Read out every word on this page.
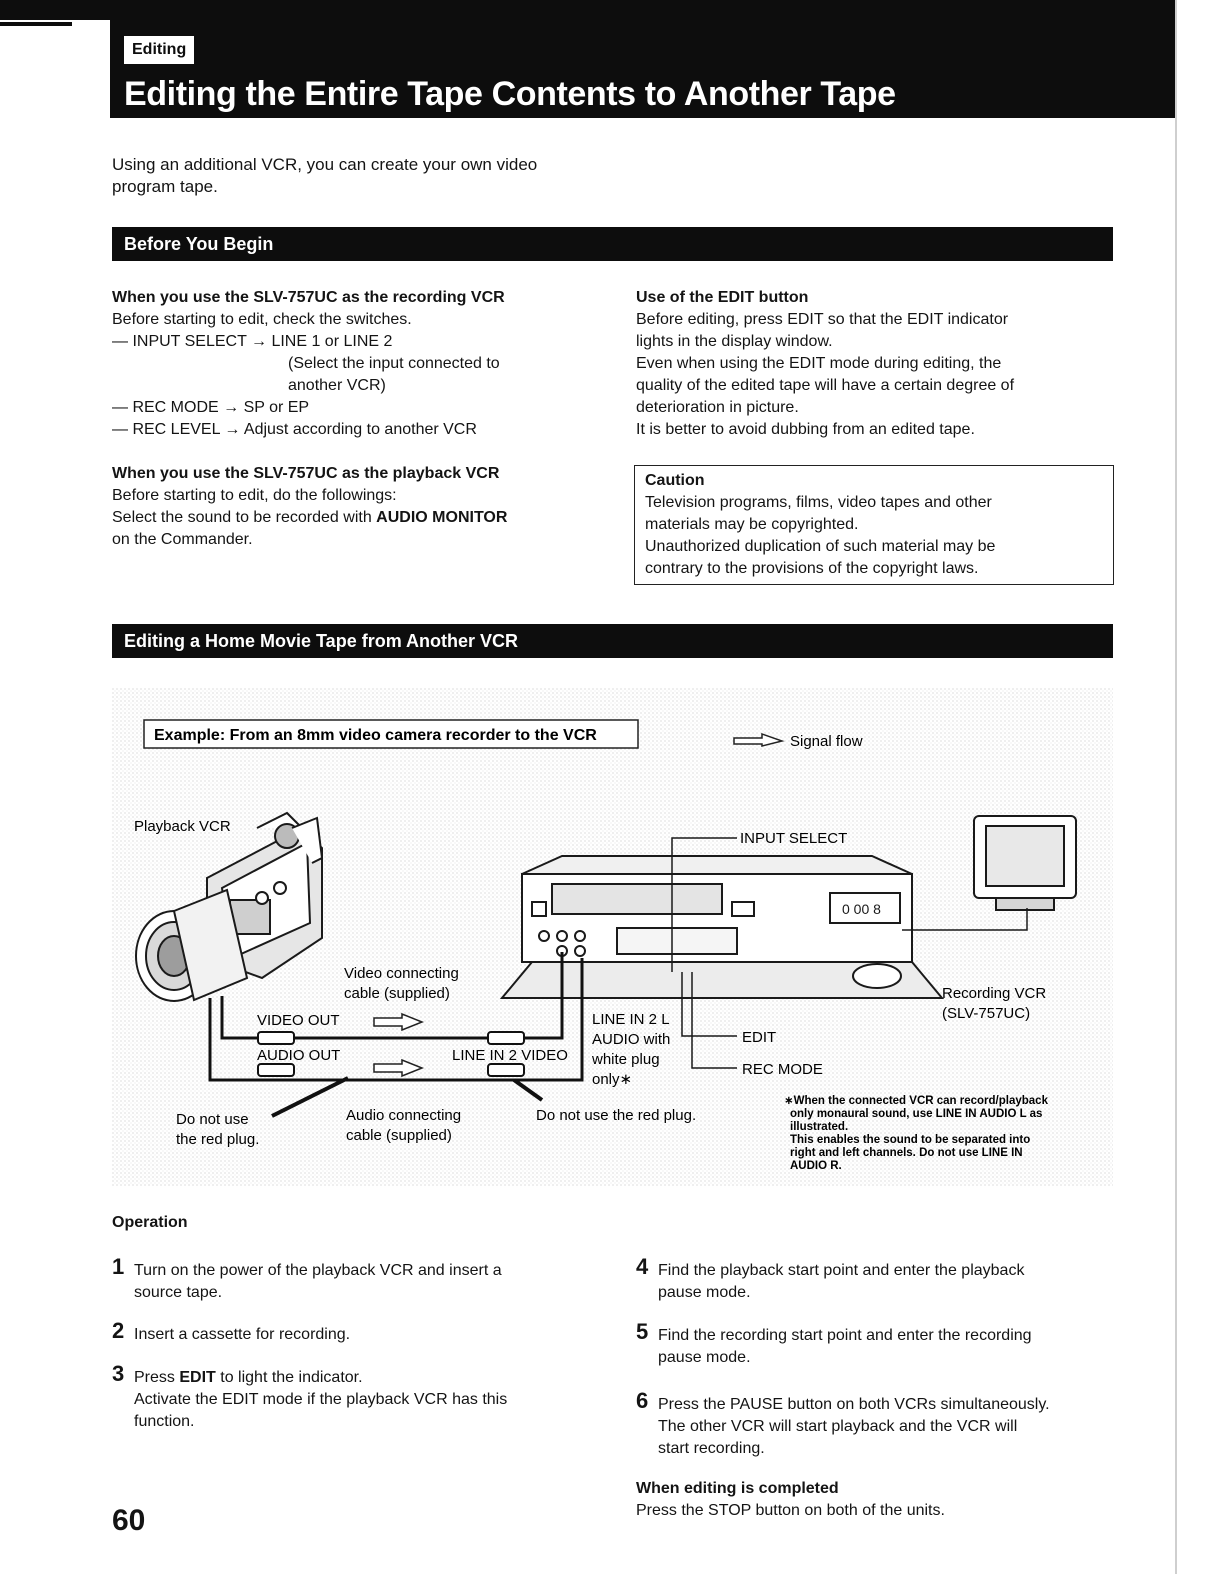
Editing
Editing the Entire Tape Contents to Another Tape
Using an additional VCR, you can create your own video
program tape.
Before You Begin
When you use the SLV-757UC as the recording VCR
Before starting to edit, check the switches.
— INPUT SELECT → LINE 1 or LINE 2
(Select the input connected to
another VCR)
— REC MODE → SP or EP
— REC LEVEL → Adjust according to another VCR
When you use the SLV-757UC as the playback VCR
Before starting to edit, do the followings:
Select the sound to be recorded with AUDIO MONITOR
on the Commander.
Use of the EDIT button
Before editing, press EDIT so that the EDIT indicator
lights in the display window.
Even when using the EDIT mode during editing, the
quality of the edited tape will have a certain degree of
deterioration in picture.
It is better to avoid dubbing from an edited tape.
Caution
Television programs, films, video tapes and other
materials may be copyrighted.
Unauthorized duplication of such material may be
contrary to the provisions of the copyright laws.
Editing a Home Movie Tape from Another VCR
Example: From an 8mm video camera recorder to the VCR	Signal flow
Playback VCR
0 00 8
INPUT SELECT
Video connecting
cable (supplied)
VIDEO OUT
AUDIO OUT	LINE IN 2 VIDEO
LINE IN 2 L
AUDIO with
white plug
only∗
EDIT
REC MODE
Recording VCR
(SLV-757UC)
Audio connecting
cable (supplied)
Do not use
the red plug.
Do not use the red plug.
∗When the connected VCR can record/playback
only monaural sound, use LINE IN AUDIO L as
illustrated.
This enables the sound to be separated into
right and left channels. Do not use LINE IN
AUDIO R.
Operation
1 Turn on the power of the playback VCR and insert a
source tape.
2 Insert a cassette for recording.
3 Press EDIT to light the indicator.
Activate the EDIT mode if the playback VCR has this
function.
4 Find the playback start point and enter the playback
pause mode.
5 Find the recording start point and enter the recording
pause mode.
6 Press the PAUSE button on both VCRs simultaneously.
The other VCR will start playback and the VCR will
start recording.
When editing is completed
Press the STOP button on both of the units.
60
